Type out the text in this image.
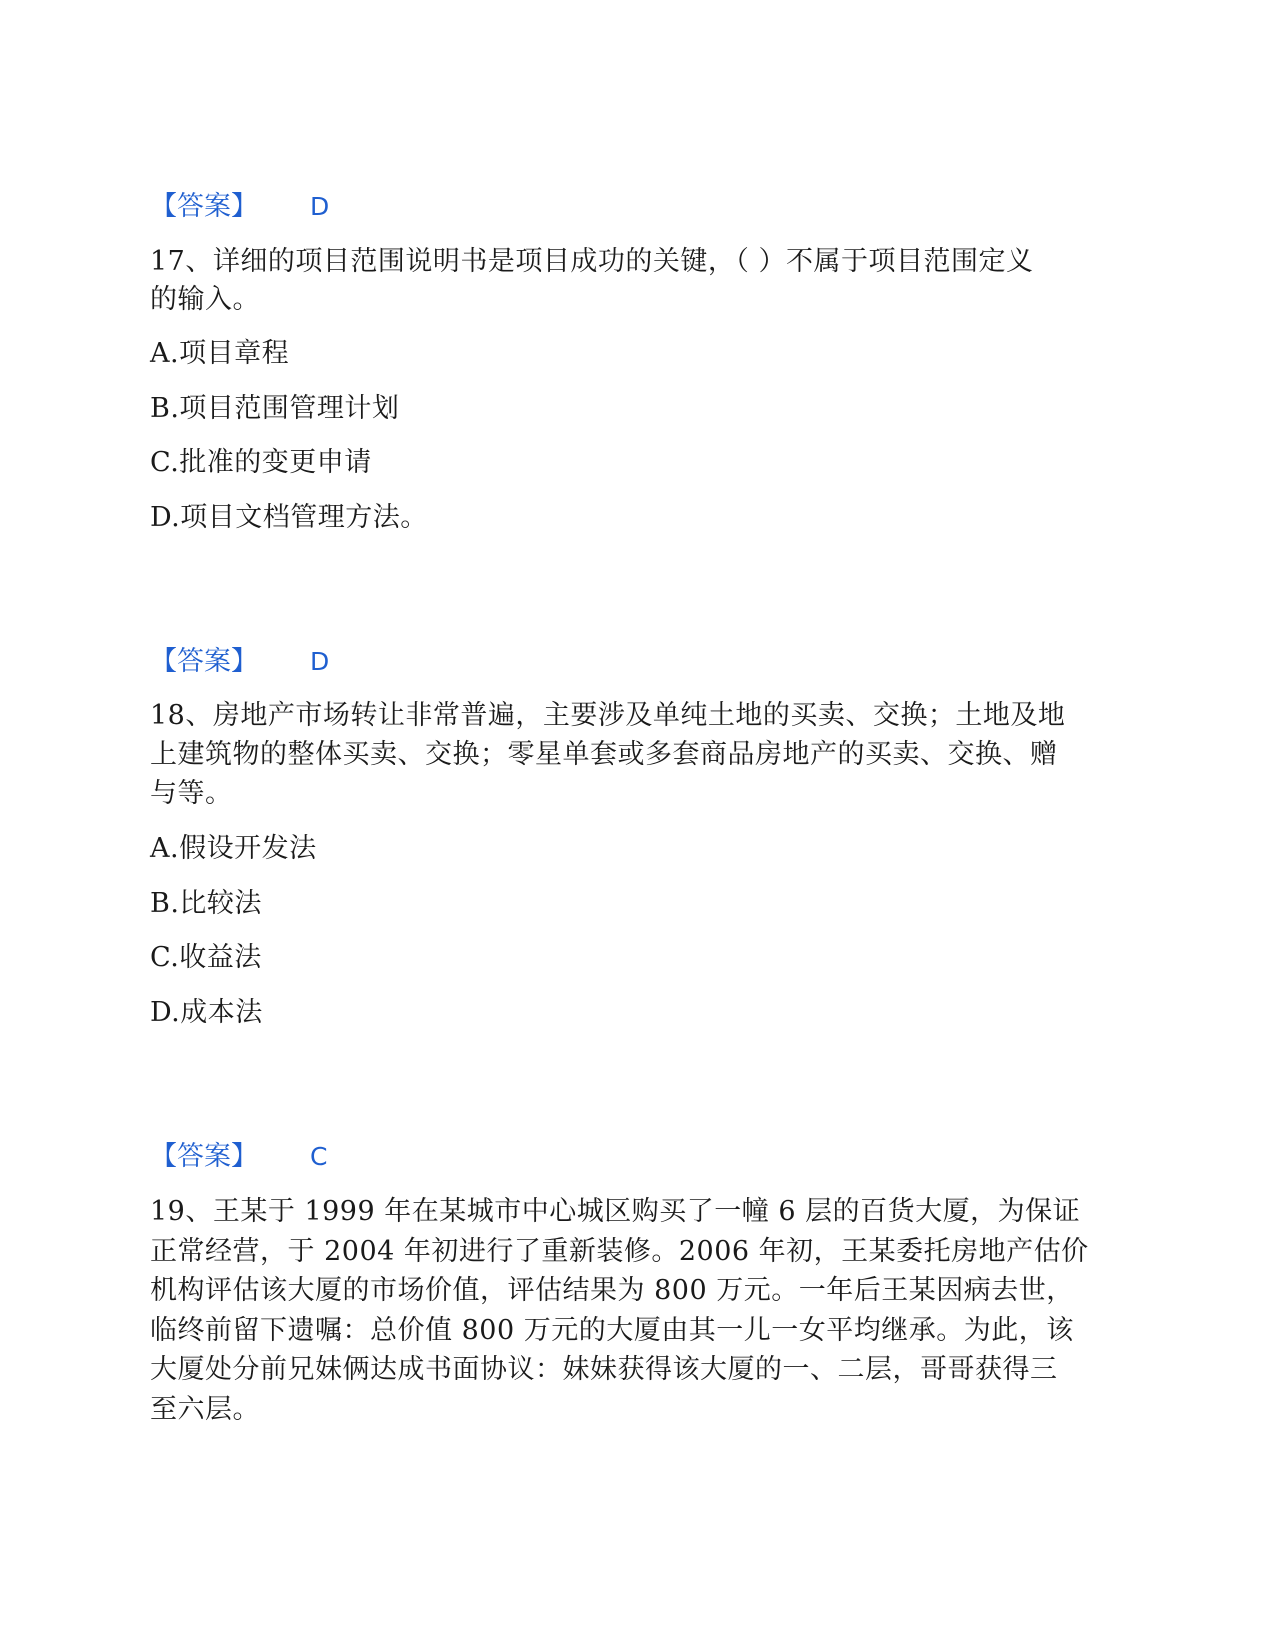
【答案】 D
17、详细的项目范围说明书是项目成功的关键，（ ）不属于项目范围定义
的输入。
A.项目章程
B.项目范围管理计划
C.批准的变更申请
D.项目文档管理方法。
【答案】 D
18、房地产市场转让非常普遍，主要涉及单纯土地的买卖、交换；土地及地
上建筑物的整体买卖、交换；零星单套或多套商品房地产的买卖、交换、赠
与等。
A.假设开发法
B.比较法
C.收益法
D.成本法
【答案】 C
19、王某于 1999 年在某城市中心城区购买了一幢 6 层的百货大厦，为保证
正常经营，于 2004 年初进行了重新装修。2006 年初，王某委托房地产估价
机构评估该大厦的市场价值，评估结果为 800 万元。一年后王某因病去世，
临终前留下遗嘱：总价值 800 万元的大厦由其一儿一女平均继承。为此，该
大厦处分前兄妹俩达成书面协议：妹妹获得该大厦的一、二层，哥哥获得三
至六层。
